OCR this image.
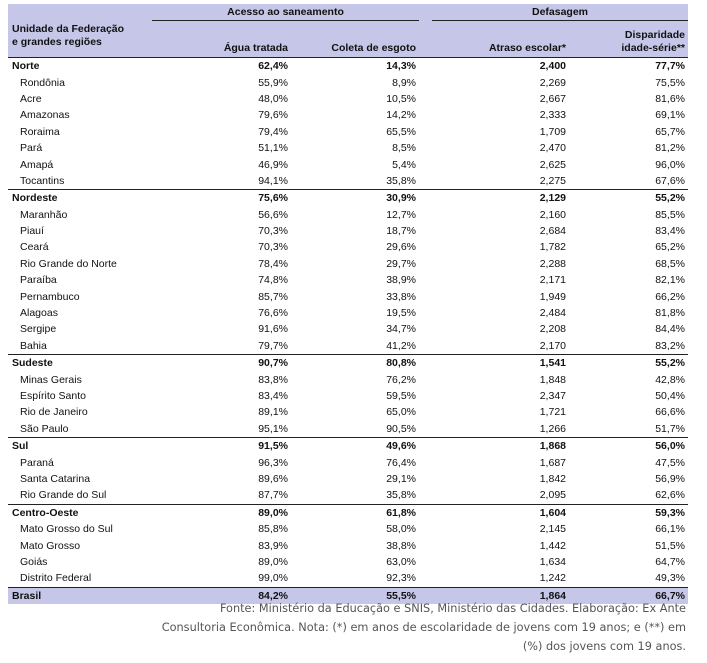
Unidade da Federação
e grandes regiões	Acesso ao saneamento			Defasagem	
	Água tratada	Coleta de esgoto		Atraso escolar*	Disparidade
idade-série**
Norte	62,4%	14,3%		2,400	77,7%
Rondônia	55,9%	8,9%		2,269	75,5%
Acre	48,0%	10,5%		2,667	81,6%
Amazonas	79,6%	14,2%		2,333	69,1%
Roraima	79,4%	65,5%		1,709	65,7%
Pará	51,1%	8,5%		2,470	81,2%
Amapá	46,9%	5,4%		2,625	96,0%
Tocantins	94,1%	35,8%		2,275	67,6%
Nordeste	75,6%	30,9%		2,129	55,2%
Maranhão	56,6%	12,7%		2,160	85,5%
Piauí	70,3%	18,7%		2,684	83,4%
Ceará	70,3%	29,6%		1,782	65,2%
Rio Grande do Norte	78,4%	29,7%		2,288	68,5%
Paraíba	74,8%	38,9%		2,171	82,1%
Pernambuco	85,7%	33,8%		1,949	66,2%
Alagoas	76,6%	19,5%		2,484	81,8%
Sergipe	91,6%	34,7%		2,208	84,4%
Bahia	79,7%	41,2%		2,170	83,2%
Sudeste	90,7%	80,8%		1,541	55,2%
Minas Gerais	83,8%	76,2%		1,848	42,8%
Espírito Santo	83,4%	59,5%		2,347	50,4%
Rio de Janeiro	89,1%	65,0%		1,721	66,6%
São Paulo	95,1%	90,5%		1,266	51,7%
Sul	91,5%	49,6%		1,868	56,0%
Paraná	96,3%	76,4%		1,687	47,5%
Santa Catarina	89,6%	29,1%		1,842	56,9%
Rio Grande do Sul	87,7%	35,8%		2,095	62,6%
Centro-Oeste	89,0%	61,8%		1,604	59,3%
Mato Grosso do Sul	85,8%	58,0%		2,145	66,1%
Mato Grosso	83,9%	38,8%		1,442	51,5%
Goiás	89,0%	63,0%		1,634	64,7%
Distrito Federal	99,0%	92,3%		1,242	49,3%
Brasil	84,2%	55,5%		1,864	66,7%
Fonte: Ministério da Educação e SNIS, Ministério das Cidades. Elaboração: Ex Ante
Consultoria Econômica. Nota: (*) em anos de escolaridade de jovens com 19 anos; e (**) em
(%) dos jovens com 19 anos.
